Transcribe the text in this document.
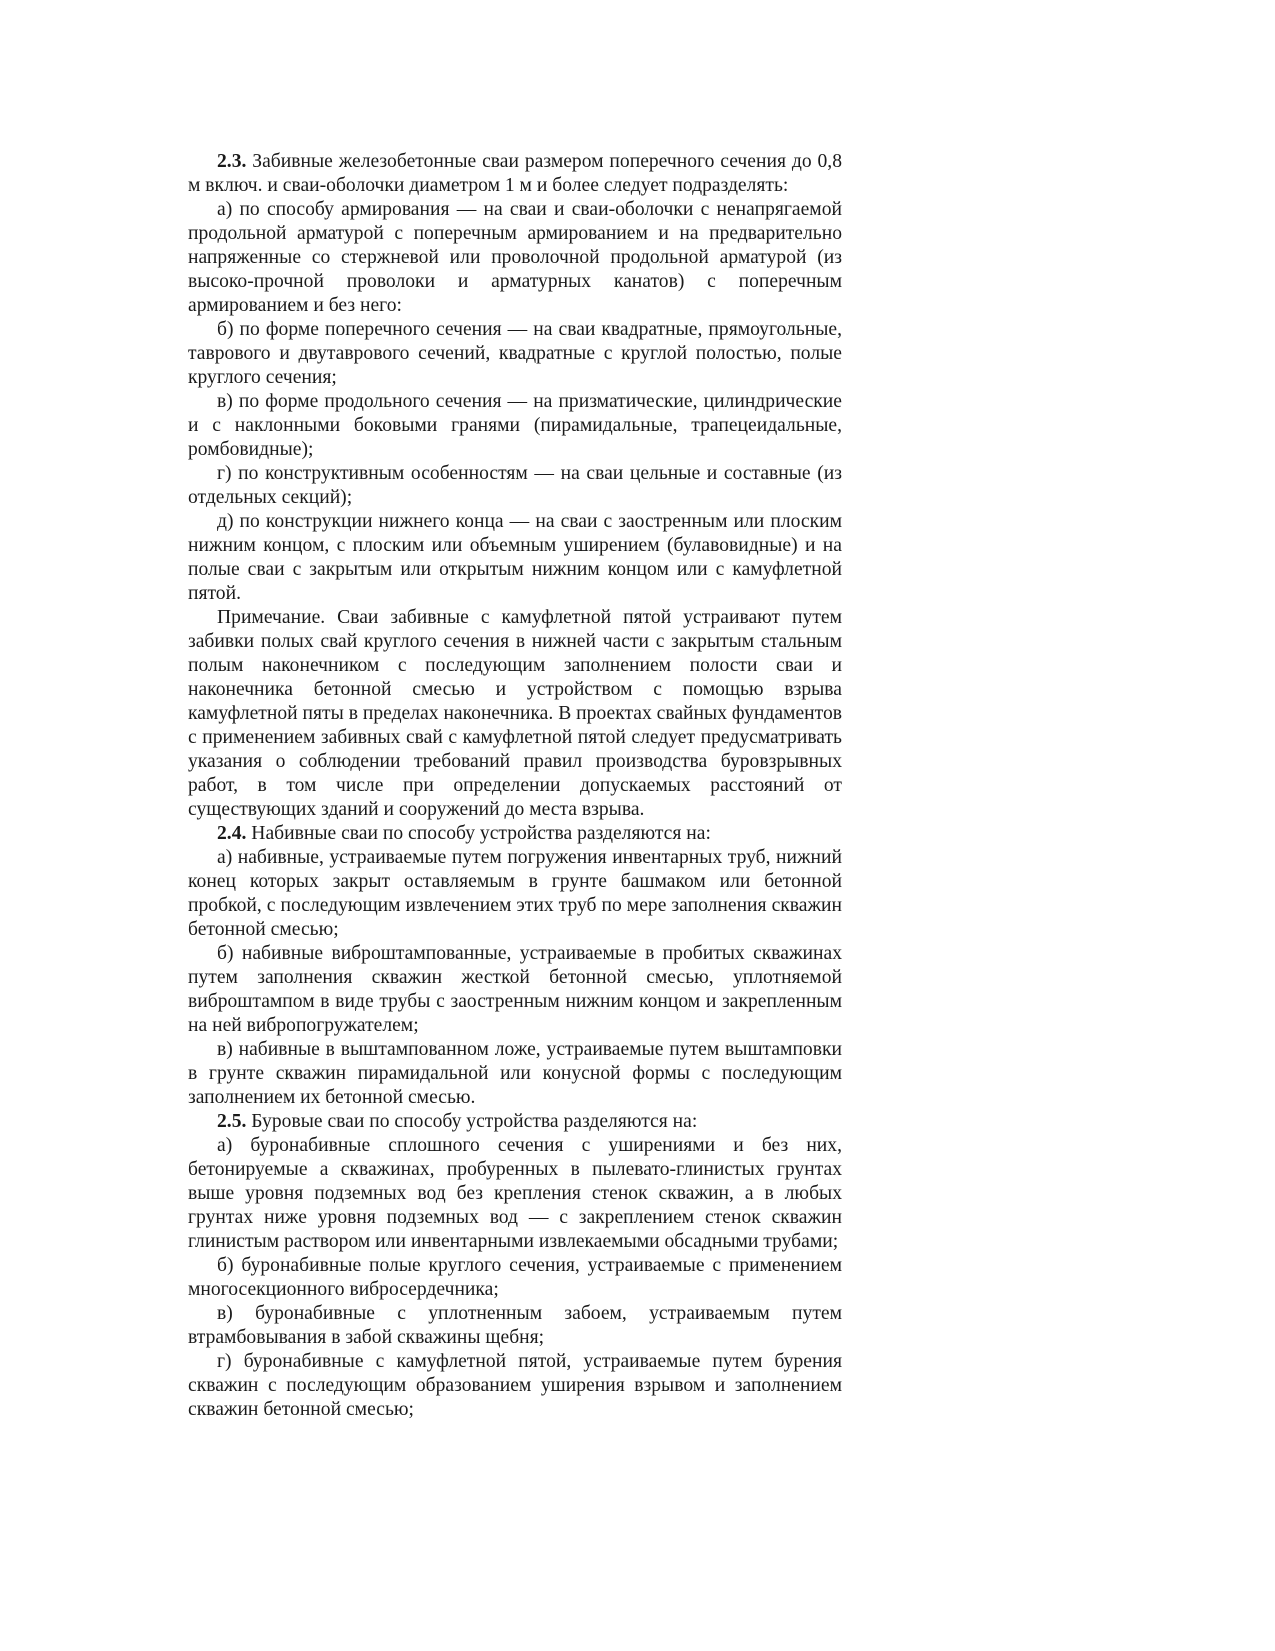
2.3. Забивные железобетонные сваи размером поперечного сечения до 0,8 м включ. и сваи-оболочки диаметром 1 м и более следует подразделять:

а) по способу армирования — на сваи и сваи-оболочки с ненапрягаемой продольной арматурой с поперечным армированием и на предварительно напряженные со стержневой или проволочной продольной арматурой (из высоко-прочной проволоки и арматурных канатов) с поперечным армированием и без него:

б) по форме поперечного сечения — на сваи квадратные, прямоугольные, таврового и двутаврового сечений, квадратные с круглой полостью, полые круглого сечения;

в) по форме продольного сечения — на призматические, цилиндрические и с наклонными боковыми гранями (пирамидальные, трапецеидальные, ромбовидные);

г) по конструктивным особенностям — на сваи цельные и составные (из отдельных секций);

д) по конструкции нижнего конца — на сваи с заостренным или плоским нижним концом, с плоским или объемным уширением (булавовидные) и на полые сваи с закрытым или открытым нижним концом или с камуфлетной пятой.

Примечание. Сваи забивные с камуфлетной пятой устраивают путем забивки полых свай круглого сечения в нижней части с закрытым стальным полым наконечником с последующим заполнением полости сваи и наконечника бетонной смесью и устройством с помощью взрыва камуфлетной пяты в пределах наконечника. В проектах свайных фундаментов с применением забивных свай с камуфлетной пятой следует предусматривать указания о соблюдении требований правил производства буровзрывных работ, в том числе при определении допускаемых расстояний от существующих зданий и сооружений до места взрыва.

2.4. Набивные сваи по способу устройства разделяются на:

а) набивные, устраиваемые путем погружения инвентарных труб, нижний конец которых закрыт оставляемым в грунте башмаком или бетонной пробкой, с последующим извлечением этих труб по мере заполнения скважин бетонной смесью;

б) набивные виброштампованные, устраиваемые в пробитых скважинах путем заполнения скважин жесткой бетонной смесью, уплотняемой виброштампом в виде трубы с заостренным нижним концом и закрепленным на ней вибропогружателем;

в) набивные в выштампованном ложе, устраиваемые путем выштамповки в грунте скважин пирамидальной или конусной формы с последующим заполнением их бетонной смесью.

2.5. Буровые сваи по способу устройства разделяются на:

а) буронабивные сплошного сечения с уширениями и без них, бетонируемые а скважинах, пробуренных в пылевато-глинистых грунтах выше уровня подземных вод без крепления стенок скважин, а в любых грунтах ниже уровня подземных вод — с закреплением стенок скважин глинистым раствором или инвентарными извлекаемыми обсадными трубами;

б) буронабивные полые круглого сечения, устраиваемые с применением многосекционного вибросердечника;

в) буронабивные с уплотненным забоем, устраиваемым путем втрамбовывания в забой скважины щебня;

г) буронабивные с камуфлетной пятой, устраиваемые путем бурения скважин с последующим образованием уширения взрывом и заполнением скважин бетонной смесью;
